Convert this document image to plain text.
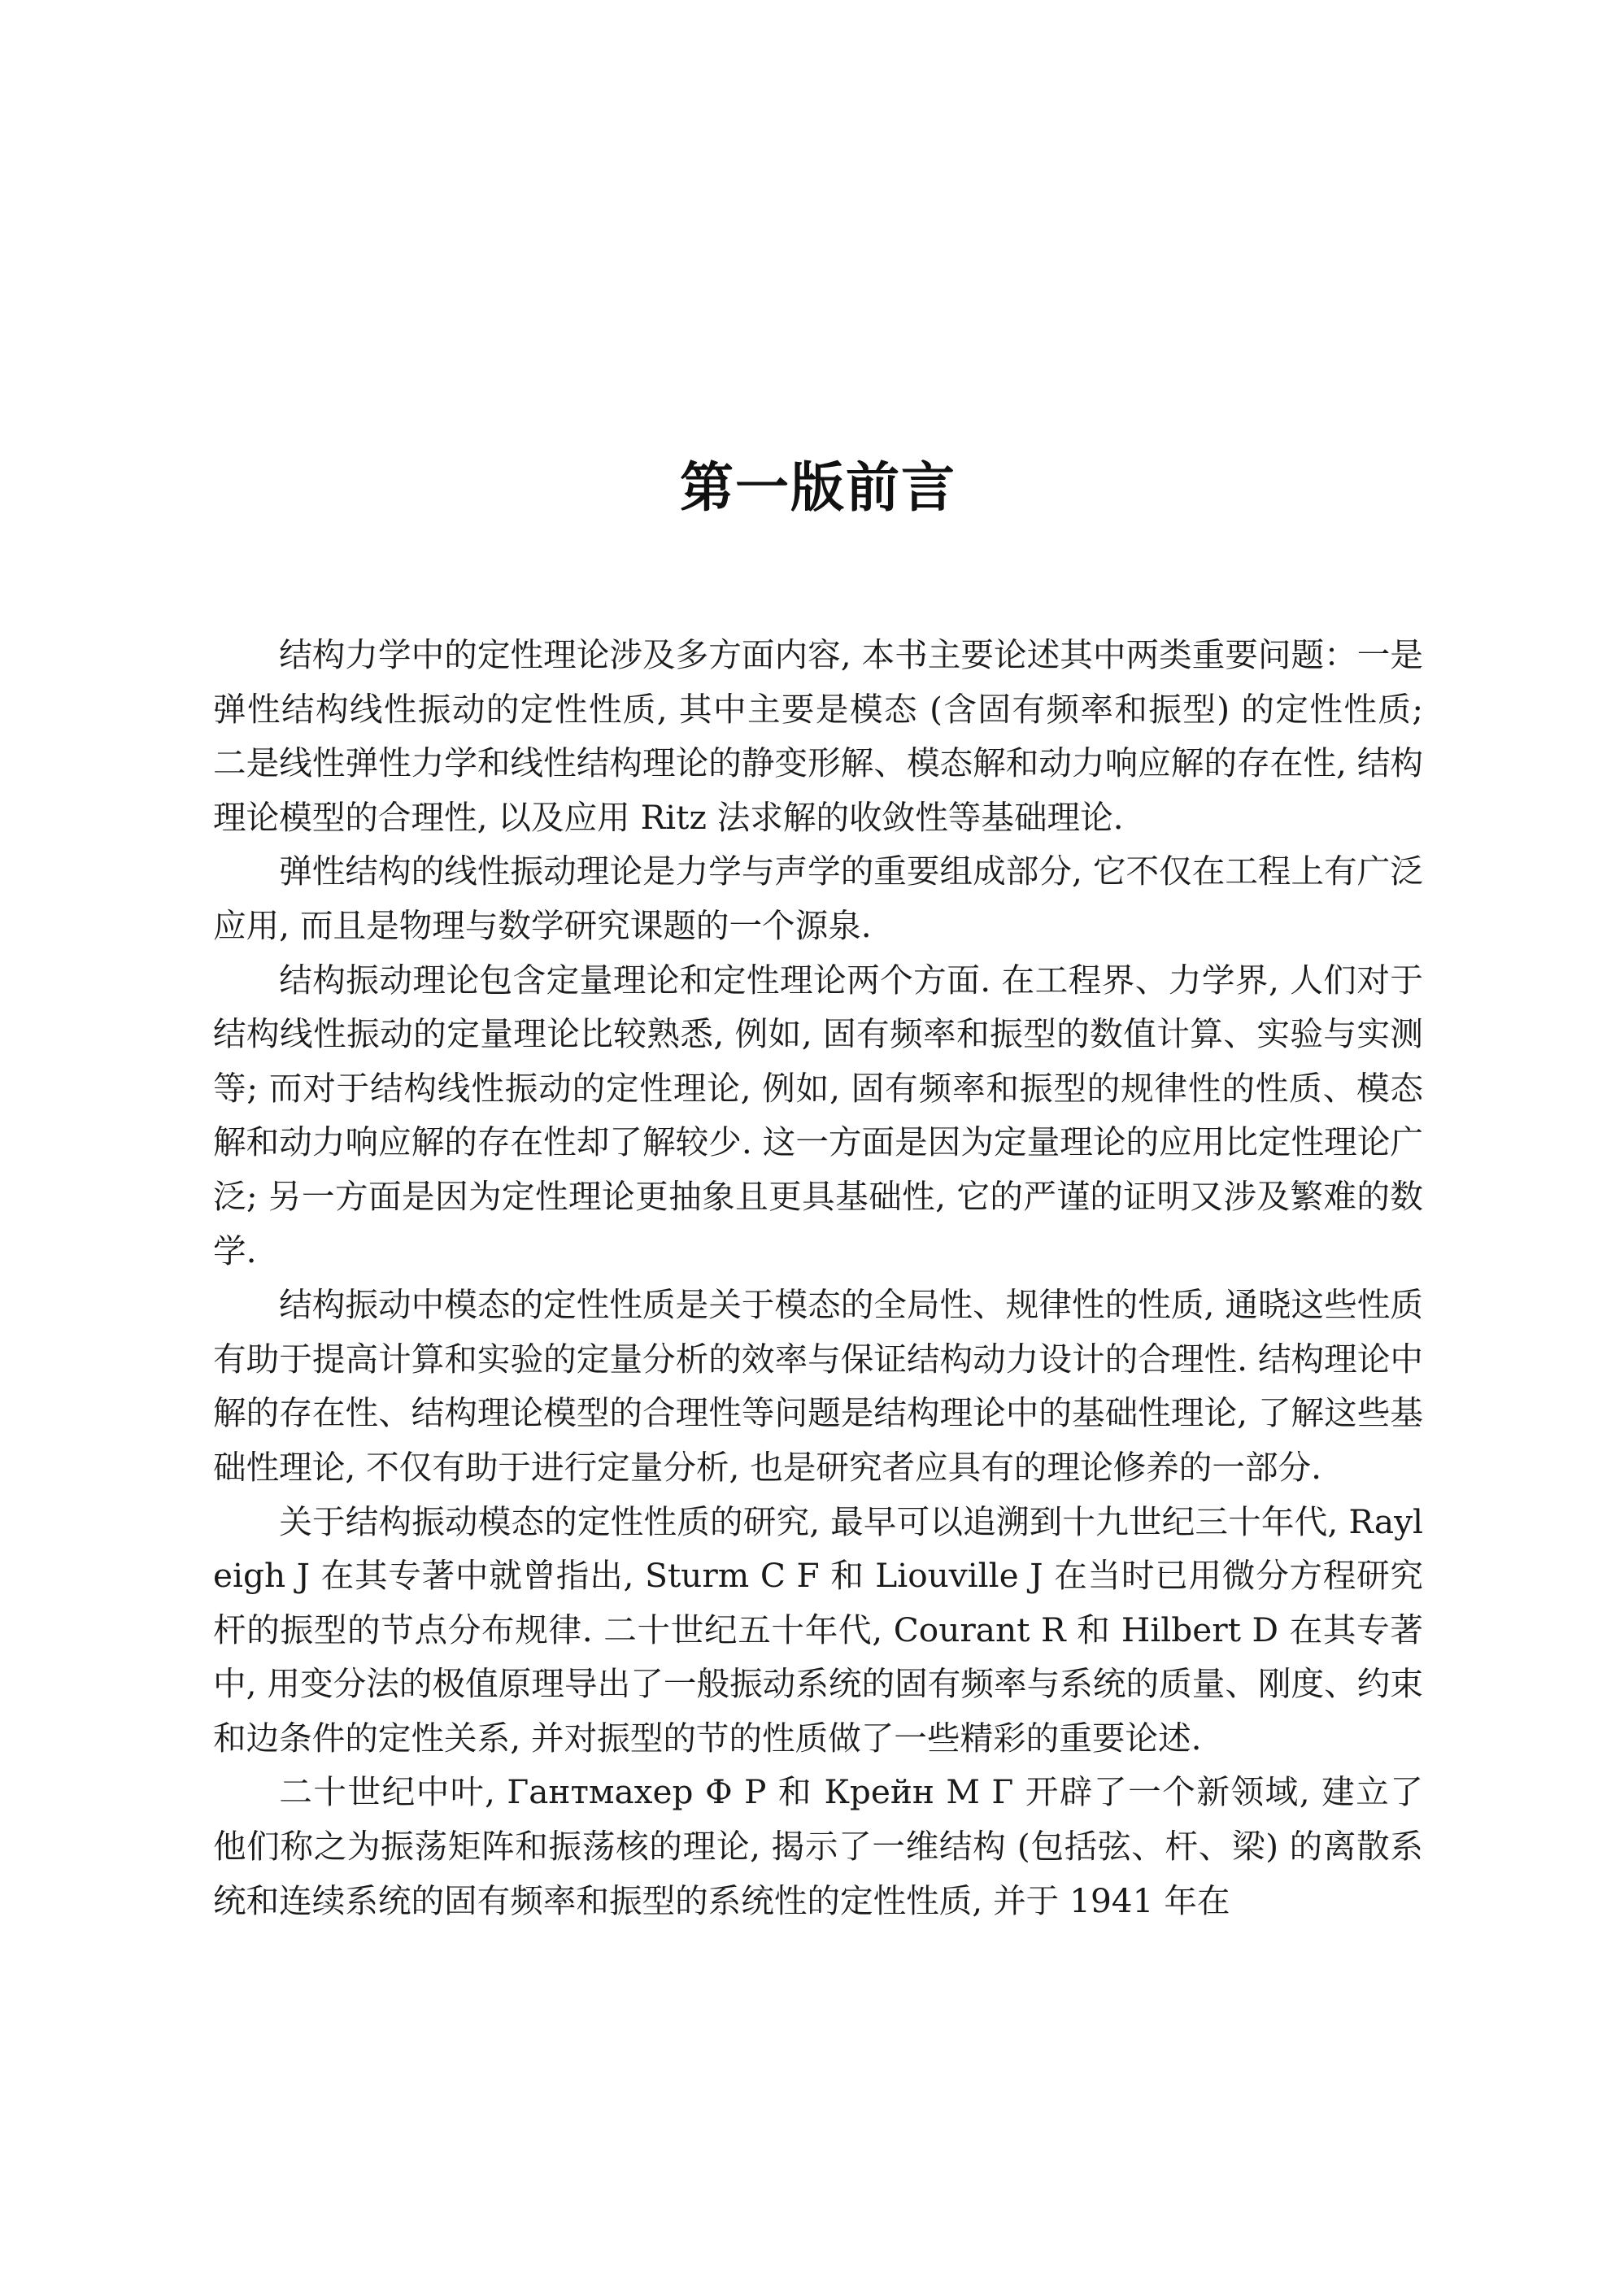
第一版前言

结构力学中的定性理论涉及多方面内容, 本书主要论述其中两类重要问题：一是弹性结构线性振动的定性性质, 其中主要是模态 (含固有频率和振型) 的定性性质; 二是线性弹性力学和线性结构理论的静变形解、模态解和动力响应解的存在性, 结构理论模型的合理性, 以及应用 Ritz 法求解的收敛性等基础理论.

弹性结构的线性振动理论是力学与声学的重要组成部分, 它不仅在工程上有广泛应用, 而且是物理与数学研究课题的一个源泉.

结构振动理论包含定量理论和定性理论两个方面. 在工程界、力学界, 人们对于结构线性振动的定量理论比较熟悉, 例如, 固有频率和振型的数值计算、实验与实测等; 而对于结构线性振动的定性理论, 例如, 固有频率和振型的规律性的性质、模态解和动力响应解的存在性却了解较少. 这一方面是因为定量理论的应用比定性理论广泛; 另一方面是因为定性理论更抽象且更具基础性, 它的严谨的证明又涉及繁难的数学.

结构振动中模态的定性性质是关于模态的全局性、规律性的性质, 通晓这些性质有助于提高计算和实验的定量分析的效率与保证结构动力设计的合理性. 结构理论中解的存在性、结构理论模型的合理性等问题是结构理论中的基础性理论, 了解这些基础性理论, 不仅有助于进行定量分析, 也是研究者应具有的理论修养的一部分.

关于结构振动模态的定性性质的研究, 最早可以追溯到十九世纪三十年代, Rayleigh J 在其专著中就曾指出, Sturm C F 和 Liouville J 在当时已用微分方程研究杆的振型的节点分布规律. 二十世纪五十年代, Courant R 和 Hilbert D 在其专著中, 用变分法的极值原理导出了一般振动系统的固有频率与系统的质量、刚度、约束和边条件的定性关系, 并对振型的节的性质做了一些精彩的重要论述.

二十世纪中叶, Гантмахер Ф Р 和 Крейн М Г 开辟了一个新领域, 建立了他们称之为振荡矩阵和振荡核的理论, 揭示了一维结构 (包括弦、杆、梁) 的离散系统和连续系统的固有频率和振型的系统性的定性性质, 并于 1941 年在
